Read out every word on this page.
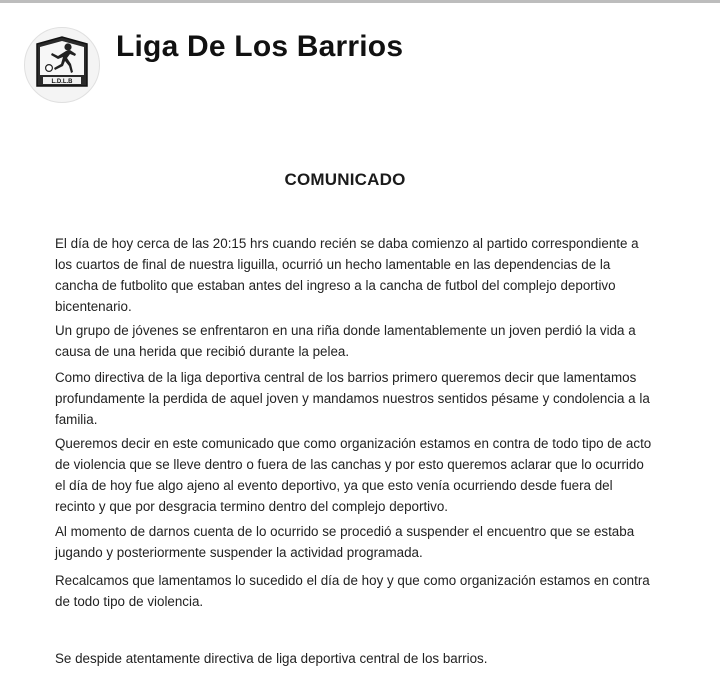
L.D.L.B
Liga De Los Barrios
COMUNICADO

El día de hoy cerca de las 20:15 hrs cuando recién se daba comienzo al partido correspondiente a los cuartos de final de nuestra liguilla, ocurrió un hecho lamentable en las dependencias de la cancha de futbolito que estaban antes del ingreso a la cancha de futbol del complejo deportivo bicentenario.

Un grupo de jóvenes se enfrentaron en una riña donde lamentablemente un joven perdió la vida a causa de una herida que recibió durante la pelea.

Como directiva de la liga deportiva central de los barrios primero queremos decir que lamentamos profundamente la perdida de aquel joven y mandamos nuestros sentidos pésame y condolencia a la familia.

Queremos decir en este comunicado que como organización estamos en contra de todo tipo de acto de violencia que se lleve dentro o fuera de las canchas y por esto queremos aclarar que lo ocurrido el día de hoy fue algo ajeno al evento deportivo, ya que esto venía ocurriendo desde fuera del recinto y que por desgracia termino dentro del complejo deportivo.

Al momento de darnos cuenta de lo ocurrido se procedió a suspender el encuentro que se estaba jugando y posteriormente suspender la actividad programada.

Recalcamos que lamentamos lo sucedido el día de hoy y que como organización estamos en contra de todo tipo de violencia.

Se despide atentamente directiva de liga deportiva central de los barrios.
